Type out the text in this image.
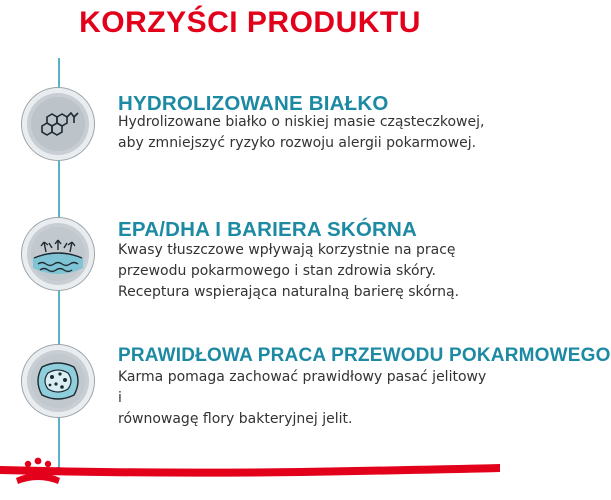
KORZYŚCI PRODUKTU
HYDROLIZOWANE BIAŁKO
Hydrolizowane białko o niskiej masie cząsteczkowej,
aby zmniejszyć ryzyko rozwoju alergii pokarmowej.
EPA/DHA I BARIERA SKÓRNA
Kwasy tłuszczowe wpływają korzystnie na pracę
przewodu pokarmowego i stan zdrowia skóry.
Receptura wspierająca naturalną barierę skórną.
PRAWIDŁOWA PRACA PRZEWODU POKARMOWEGO
Karma pomaga zachować prawidłowy pasać jelitowy i
równowagę flory bakteryjnej jelit.
